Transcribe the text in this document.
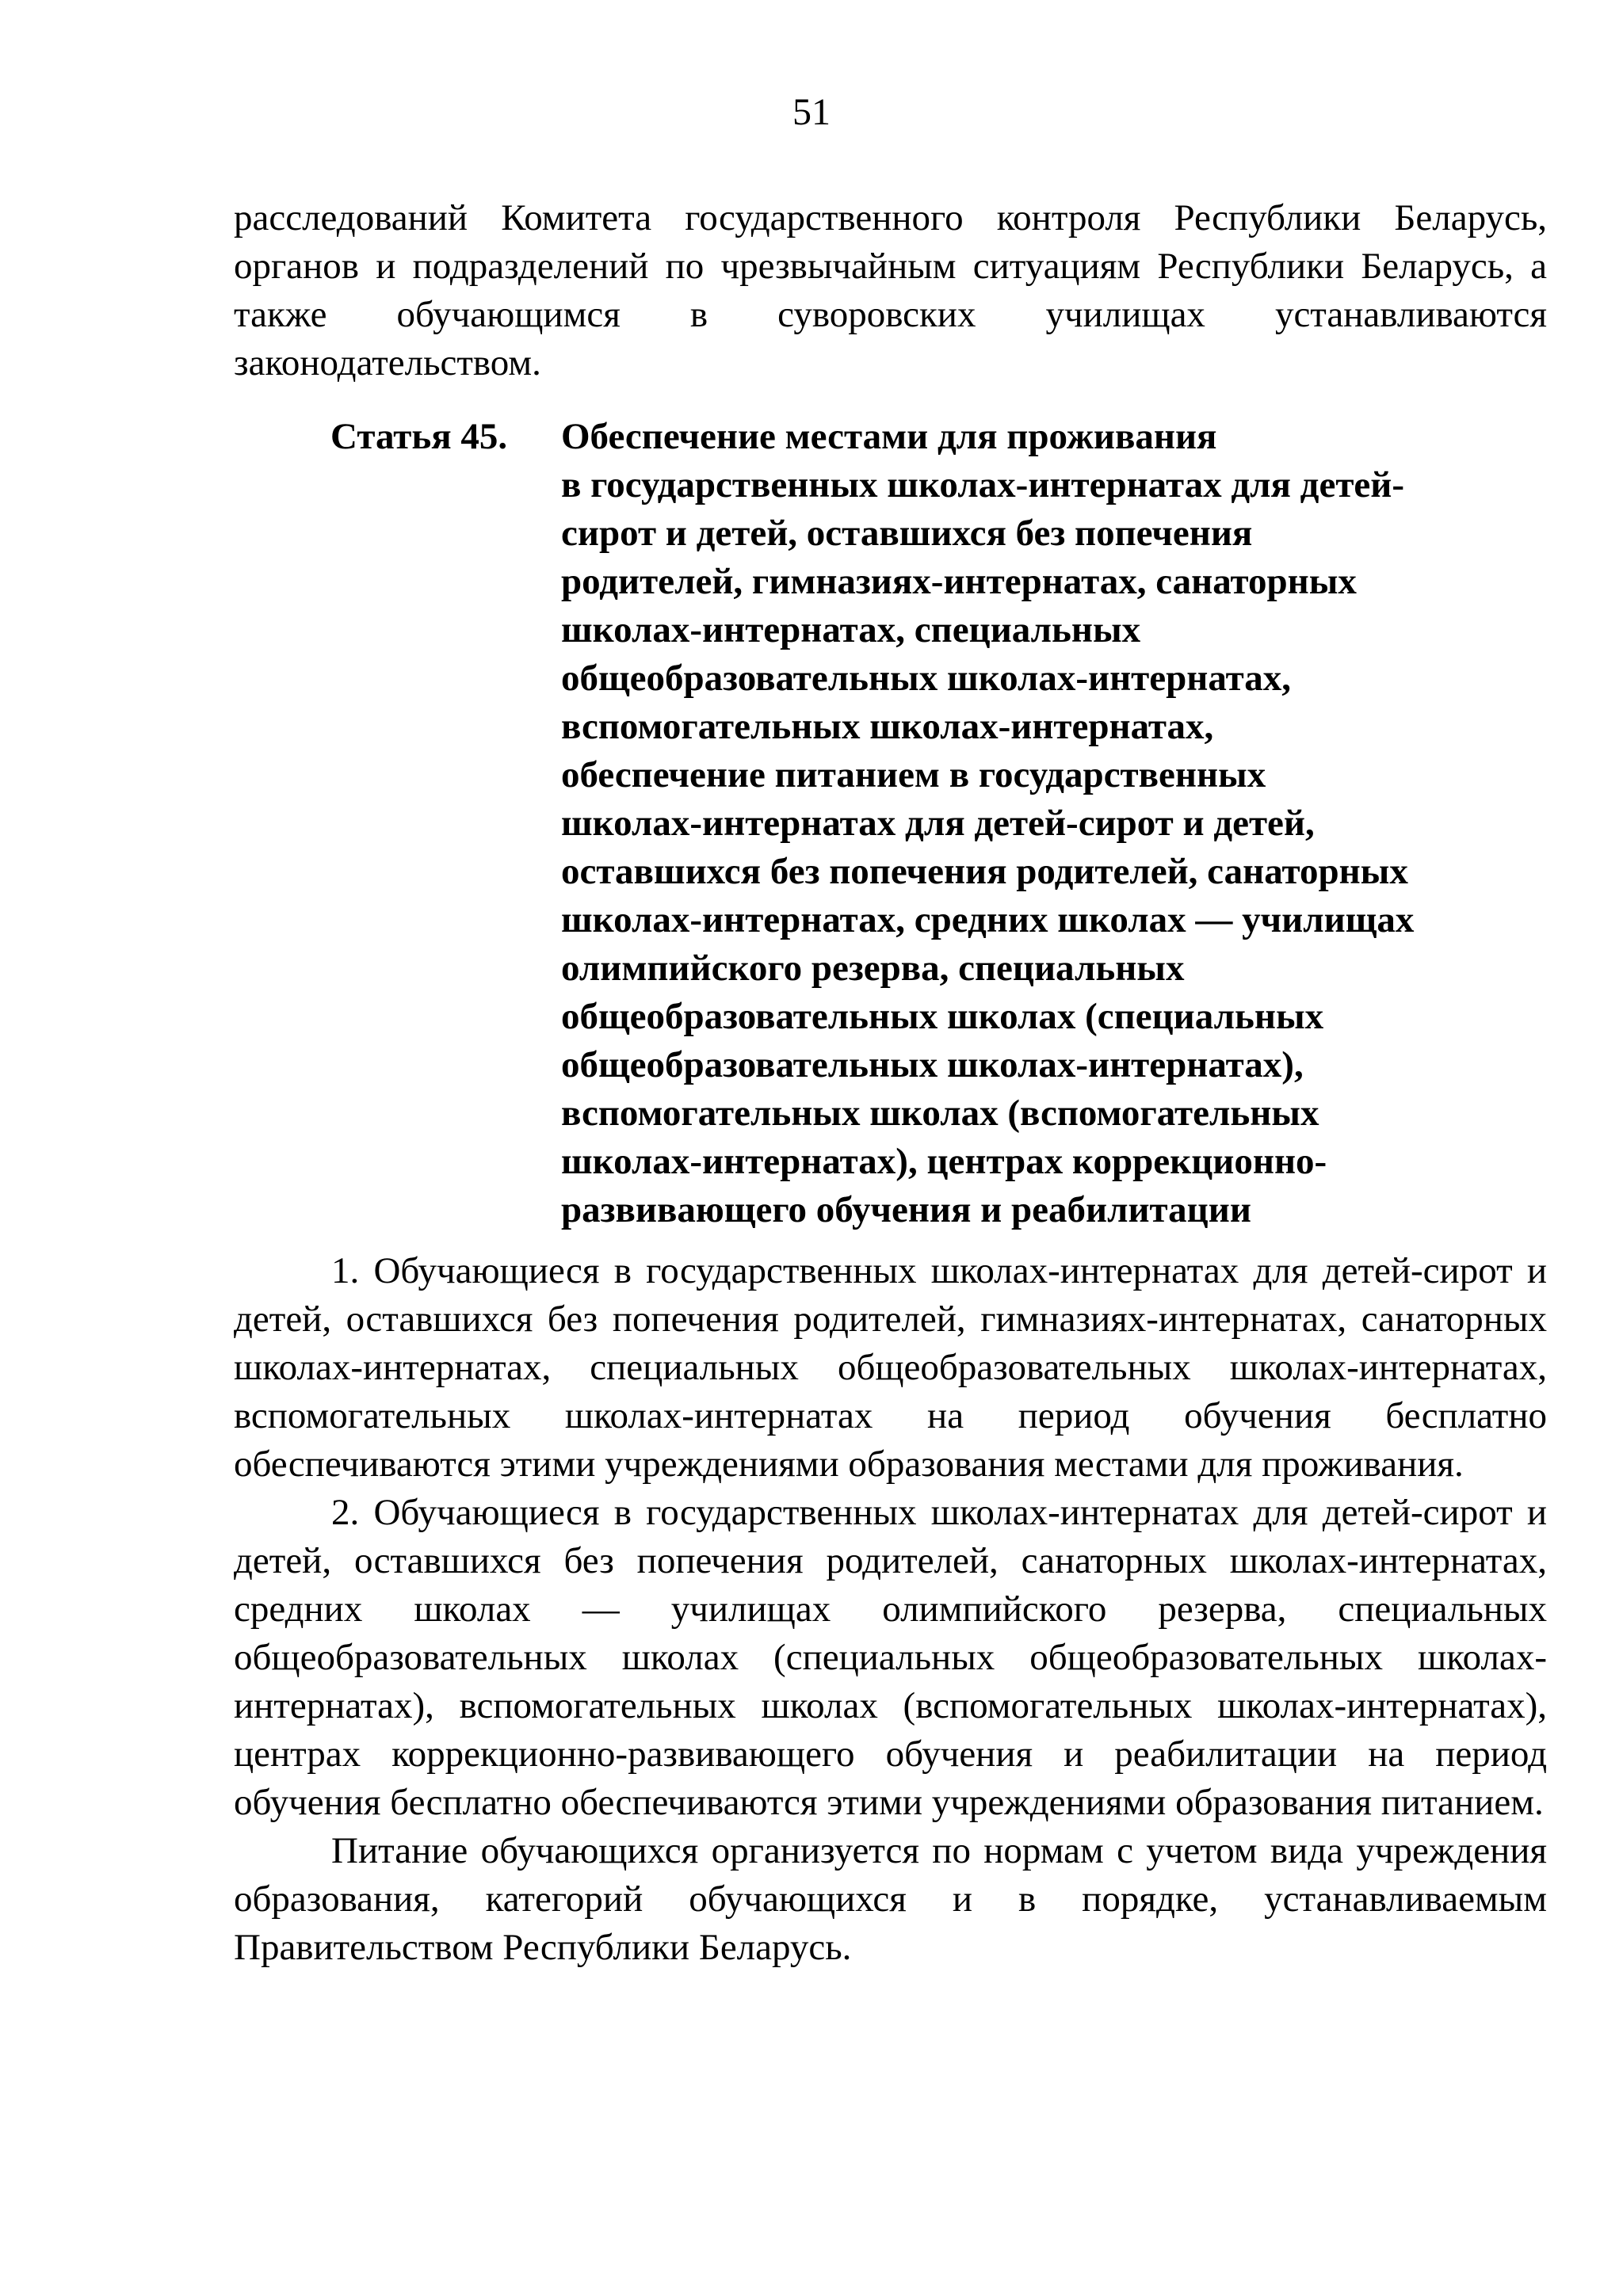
51
расследований Комитета государственного контроля Республики Беларусь, органов и подразделений по чрезвычайным ситуациям Республики Беларусь, а также обучающимся в суворовских училищах устанавливаются законодательством.
Статья 45. Обеспечение местами для проживания
в государственных школах-интернатах для детей-
сирот и детей, оставшихся без попечения
родителей, гимназиях-интернатах, санаторных
школах-интернатах, специальных
общеобразовательных школах-интернатах,
вспомогательных школах-интернатах,
обеспечение питанием в государственных
школах-интернатах для детей-сирот и детей,
оставшихся без попечения родителей, санаторных
школах-интернатах, средних школах — училищах
олимпийского резерва, специальных
общеобразовательных школах (специальных
общеобразовательных школах-интернатах),
вспомогательных школах (вспомогательных
школах-интернатах), центрах коррекционно-
развивающего обучения и реабилитации

1. Обучающиеся в государственных школах-интернатах для детей-сирот и детей, оставшихся без попечения родителей, гимназиях-интернатах, санаторных школах-интернатах, специальных общеобразовательных школах-интернатах, вспомогательных школах-интернатах на период обучения бесплатно обеспечиваются этими учреждениями образования местами для проживания.

2. Обучающиеся в государственных школах-интернатах для детей-сирот и детей, оставшихся без попечения родителей, санаторных школах-интернатах, средних школах — училищах олимпийского резерва, специальных общеобразовательных школах (специальных общеобразовательных школах-интернатах), вспомогательных школах (вспомогательных школах-интернатах), центрах коррекционно-развивающего обучения и реабилитации на период обучения бесплатно обеспечиваются этими учреждениями образования питанием.

Питание обучающихся организуется по нормам с учетом вида учреждения образования, категорий обучающихся и в порядке, устанавливаемым Правительством Республики Беларусь.
